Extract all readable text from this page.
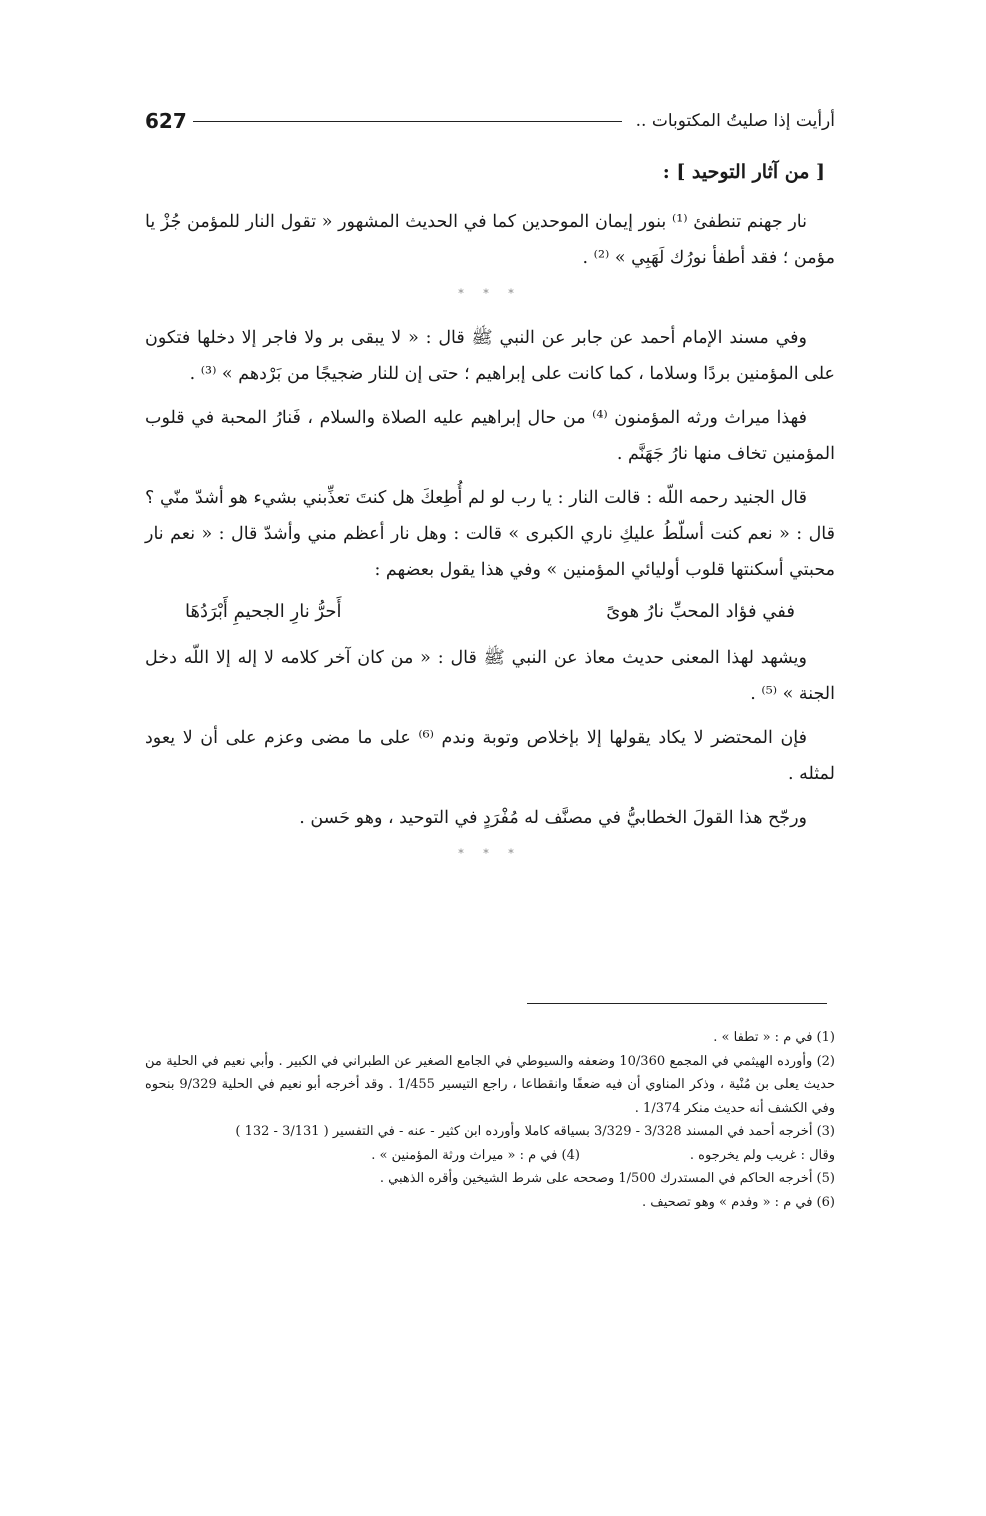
أرأيت إذا صليتُ المكتوبات ..
627
[ من آثار التوحيد ] :

نار جهنم تنطفئ ⁽¹⁾ بنور إيمان الموحدين كما في الحديث المشهور « تقول النار للمؤمن جُزْ يا مؤمن ؛ فقد أطفأ نورُك لَهَبِي » ⁽²⁾ .

* * *

وفي مسند الإمام أحمد عن جابر عن النبي ﷺ قال : « لا يبقى بر ولا فاجر إلا دخلها فتكون على المؤمنين بردًا وسلاما ، كما كانت على إبراهيم ؛ حتى إن للنار ضجيجًا من بَرْدهم » ⁽³⁾ .

فهذا ميراث ورثه المؤمنون ⁽⁴⁾ من حال إبراهيم عليه الصلاة والسلام ، فَنارُ المحبة في قلوب المؤمنين تخاف منها نارُ جَهَنَّم .

قال الجنيد رحمه اللّه : قالت النار : يا رب لو لم أُطِعكَ هل كنتَ تعذِّبني بشيء هو أشدّ منّي ؟ قال : « نعم كنت أسلّطُ عليكِ ناري الكبرى » قالت : وهل نار أعظم مني وأشدّ قال : « نعم نار محبتي أسكنتها قلوب أوليائي المؤمنين » وفي هذا يقول بعضهم :

ففي فؤاد المحبِّ نارُ هوىً
أَحرُّ نارِ الجحيمِ أَبْرَدُهَا

ويشهد لهذا المعنى حديث معاذ عن النبي ﷺ قال : « من كان آخر كلامه لا إله إلا اللّه دخل الجنة » ⁽⁵⁾ .

فإن المحتضر لا يكاد يقولها إلا بإخلاص وتوبة وندم ⁽⁶⁾ على ما مضى وعزم على أن لا يعود لمثله .

ورجّح هذا القولَ الخطابيُّ في مصنَّف له مُفْرَدٍ في التوحيد ، وهو حَسن .

* * *

(1) في م : « تطفا » .

(2) وأورده الهيثمي في المجمع 10/360 وضعفه والسيوطي في الجامع الصغير عن الطبراني في الكبير . وأبي نعيم في الحلية من حديث يعلى بن مُنْية ، وذكر المناوي أن فيه ضعفًا وانقطاعا ، راجع التيسير 1/455 . وقد أخرجه أبو نعيم في الحلية 9/329 بنحوه وفي الكشف أنه حديث منكر 1/374 .

(3) أخرجه أحمد في المسند 3/328 - 3/329 بسياقه كاملا وأورده ابن كثير - عنه - في التفسير ( 3/131 - 132 )

وقال : غريب ولم يخرجوه .
(4) في م : « ميراث ورثة المؤمنين » .

(5) أخرجه الحاكم في المستدرك 1/500 وصححه على شرط الشيخين وأقره الذهبي .

(6) في م : « وفدم » وهو تصحيف .
